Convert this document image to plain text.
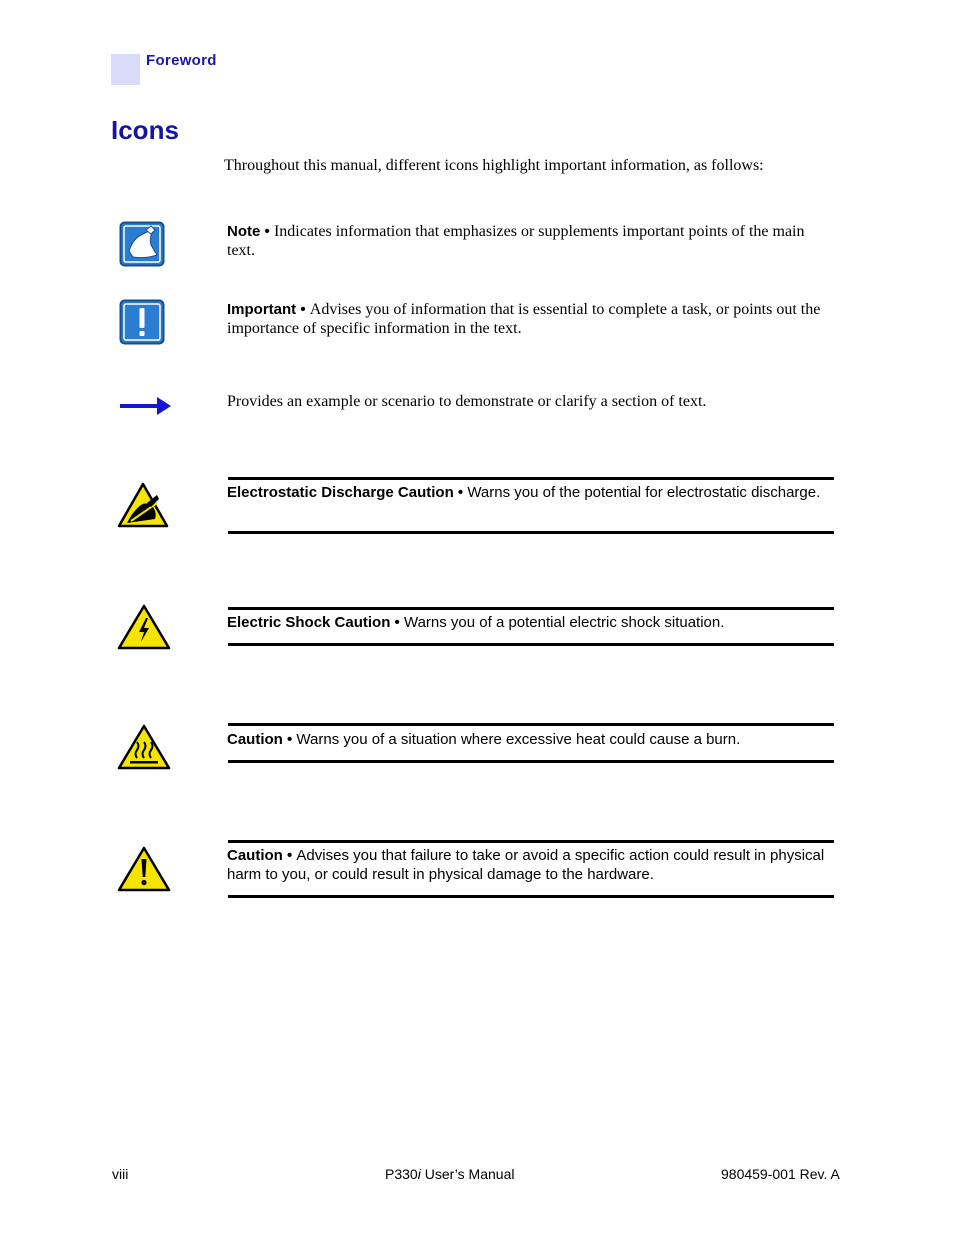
Foreword
Icons
Throughout this manual, different icons highlight important information, as follows:
Note • Indicates information that emphasizes or supplements important points of the main text.
Important • Advises you of information that is essential to complete a task, or points out the importance of specific information in the text.
Provides an example or scenario to demonstrate or clarify a section of text.
Electrostatic Discharge Caution • Warns you of the potential for electrostatic discharge.
Electric Shock Caution • Warns you of a potential electric shock situation.
Caution • Warns you of a situation where excessive heat could cause a burn.
Caution • Advises you that failure to take or avoid a specific action could result in physical harm to you, or could result in physical damage to the hardware.
viii	P330i User’s Manual	980459-001 Rev. A
